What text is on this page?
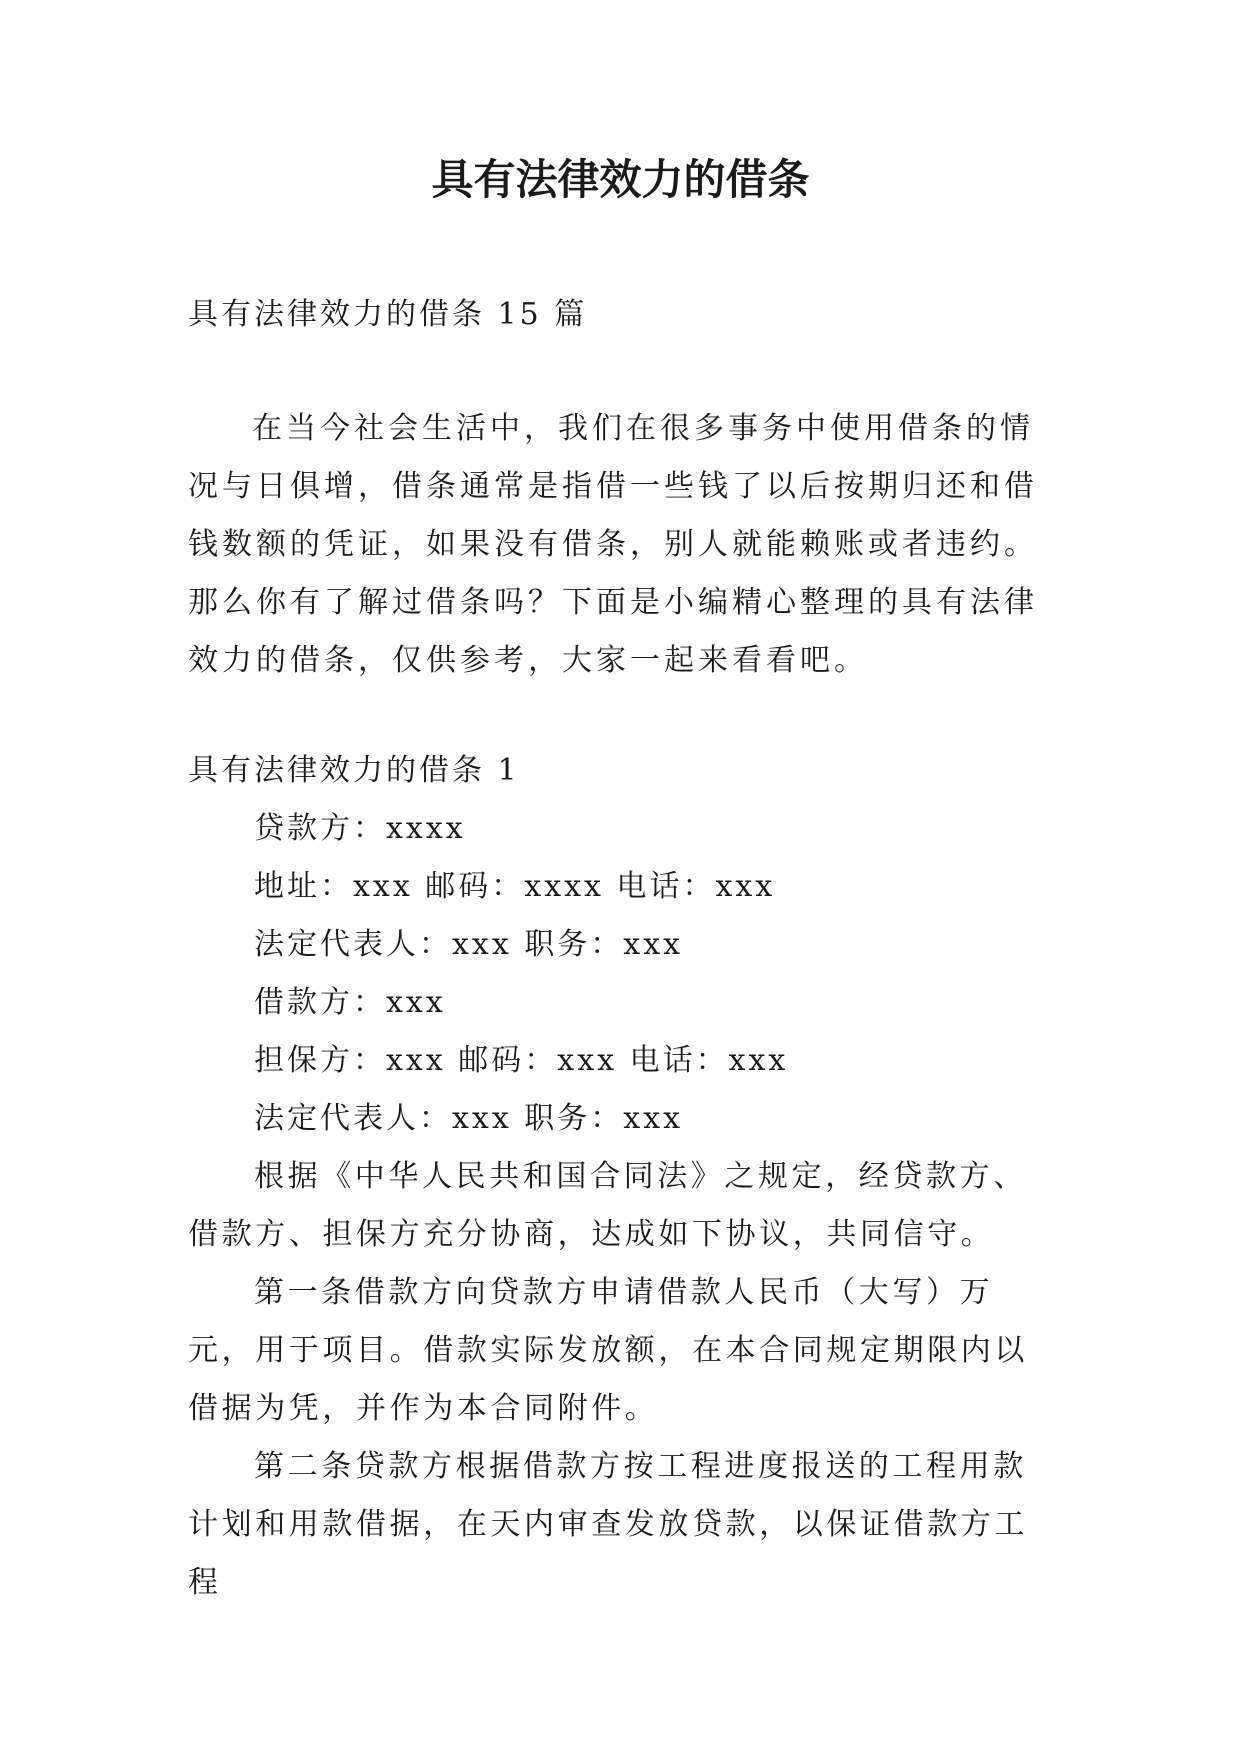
具有法律效力的借条

具有法律效力的借条 15 篇

在当今社会生活中，我们在很多事务中使用借条的情况与日俱增，借条通常是指借一些钱了以后按期归还和借钱数额的凭证，如果没有借条，别人就能赖账或者违约。那么你有了解过借条吗？下面是小编精心整理的具有法律效力的借条，仅供参考，大家一起来看看吧。

具有法律效力的借条 1

贷款方：xxxx

地址：xxx 邮码：xxxx 电话：xxx

法定代表人：xxx 职务：xxx

借款方：xxx

担保方：xxx 邮码：xxx 电话：xxx

法定代表人：xxx 职务：xxx

根据《中华人民共和国合同法》之规定，经贷款方、借款方、担保方充分协商，达成如下协议，共同信守。

第一条借款方向贷款方申请借款人民币（大写）万元，用于项目。借款实际发放额，在本合同规定期限内以借据为凭，并作为本合同附件。

第二条贷款方根据借款方按工程进度报送的工程用款计划和用款借据，在天内审查发放贷款，以保证借款方工程
